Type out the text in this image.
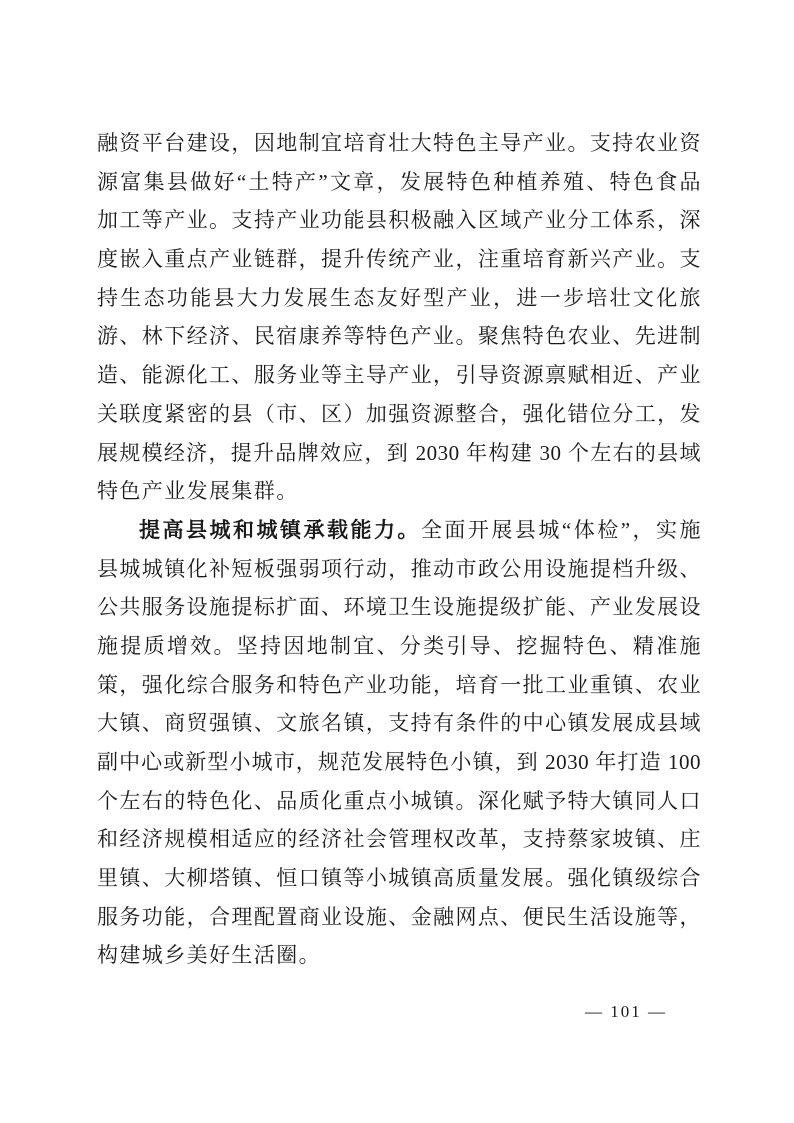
融资平台建设，因地制宜培育壮大特色主导产业。支持农业资
源富集县做好“土特产”文章，发展特色种植养殖、特色食品
加工等产业。支持产业功能县积极融入区域产业分工体系，深
度嵌入重点产业链群，提升传统产业，注重培育新兴产业。支
持生态功能县大力发展生态友好型产业，进一步培壮文化旅
游、林下经济、民宿康养等特色产业。聚焦特色农业、先进制
造、能源化工、服务业等主导产业，引导资源禀赋相近、产业
关联度紧密的县（市、区）加强资源整合，强化错位分工，发
展规模经济，提升品牌效应，到 2030 年构建 30 个左右的县域
特色产业发展集群。
提高县城和城镇承载能力。全面开展县城“体检”，实施
县城城镇化补短板强弱项行动，推动市政公用设施提档升级、
公共服务设施提标扩面、环境卫生设施提级扩能、产业发展设
施提质增效。坚持因地制宜、分类引导、挖掘特色、精准施
策，强化综合服务和特色产业功能，培育一批工业重镇、农业
大镇、商贸强镇、文旅名镇，支持有条件的中心镇发展成县域
副中心或新型小城市，规范发展特色小镇，到 2030 年打造 100
个左右的特色化、品质化重点小城镇。深化赋予特大镇同人口
和经济规模相适应的经济社会管理权改革，支持蔡家坡镇、庄
里镇、大柳塔镇、恒口镇等小城镇高质量发展。强化镇级综合
服务功能，合理配置商业设施、金融网点、便民生活设施等，
构建城乡美好生活圈。
— 101 —
